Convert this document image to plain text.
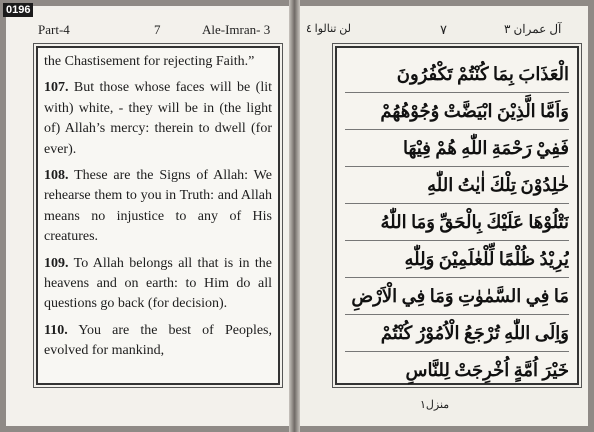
Part-4	7	Ale-Imran- 3

the Chastisement for rejecting Faith.”

107. But those whose faces will be (lit with) white, - they will be in (the light of) Allah’s mercy: therein to dwell (for ever).

108. These are the Signs of Allah: We rehearse them to you in Truth: and Allah means no injustice to any of His creatures.

109. To Allah belongs all that is in the heavens and on earth: to Him do all questions go back (for decision).

110. You are the best of Peoples, evolved for mankind,

لن تنالوا ٤	٧	آل عمران ٣
الْعَذَابَ بِمَا كُنْتُمْ تَكْفُرُونَ
وَاَمَّا الَّذِيْنَ ابْيَضَّتْ وُجُوْهُهُمْ
فَفِيْ رَحْمَةِ اللّٰهِ هُمْ فِيْهَا
خٰلِدُوْنَ تِلْكَ اٰيٰتُ اللّٰهِ
نَتْلُوْهَا عَلَيْكَ بِالْحَقِّ وَمَا اللّٰهُ
يُرِيْدُ ظُلْمًا لِّلْعٰلَمِيْنَ وَلِلّٰهِ
مَا فِي السَّمٰوٰتِ وَمَا فِي الْاَرْضِ
وَاِلَى اللّٰهِ تُرْجَعُ الْاُمُوْرُ كُنْتُمْ
خَيْرَ اُمَّةٍ اُخْرِجَتْ لِلنَّاسِ
منزل١
0196
